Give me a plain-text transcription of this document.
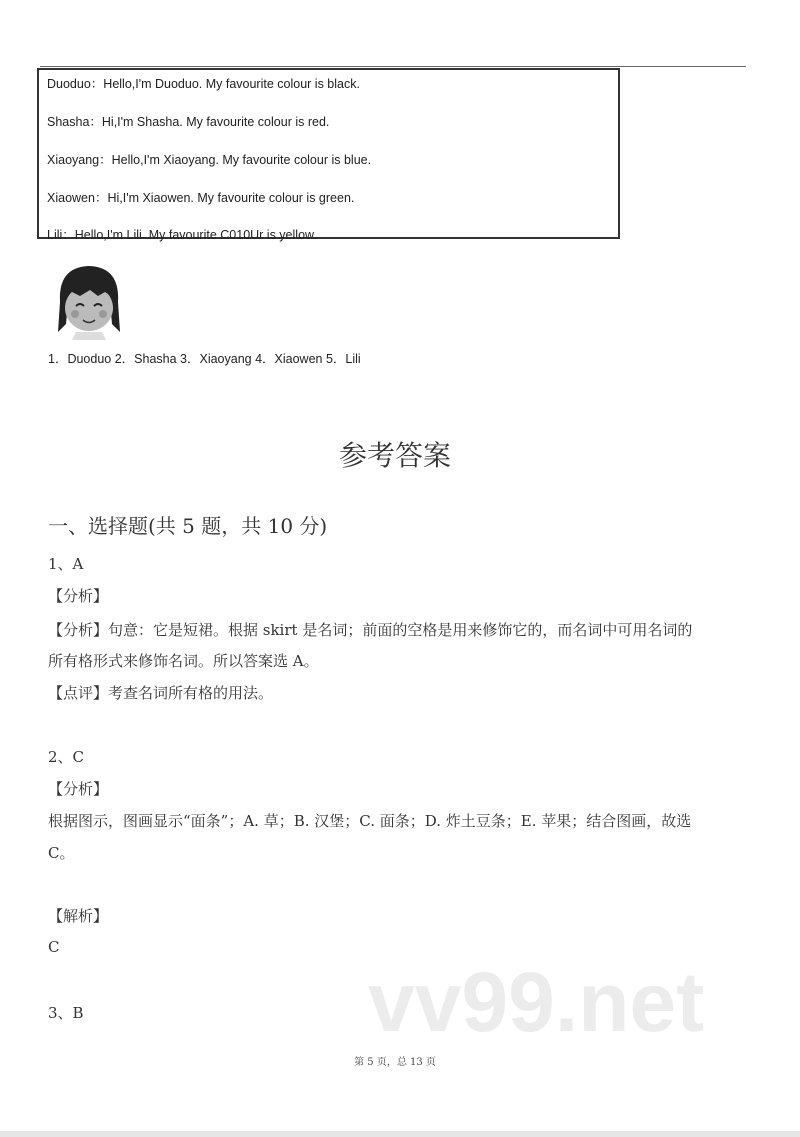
Duoduo：Hello,I'm Duoduo. My favourite colour is black.
Shasha：Hi,I'm Shasha. My favourite colour is red.
Xiaoyang：Hello,I'm Xiaoyang. My favourite colour is blue.
Xiaowen：Hi,I'm Xiaowen. My favourite colour is green.
Lili：Hello,I'm Lili. My favourite C010Ur is yellow.
1．Duoduo 2．Shasha 3．Xiaoyang 4．Xiaowen 5．Lili
参考答案
一、选择题(共 5 题，共 10 分)
1、A
【分析】
【分析】句意：它是短裙。根据 skirt 是名词；前面的空格是用来修饰它的，而名词中可用名词的
所有格形式来修饰名词。所以答案选 A。
【点评】考查名词所有格的用法。
2、C
【分析】
根据图示，图画显示“面条”；A. 草；B. 汉堡；C. 面条；D. 炸土豆条；E. 苹果；结合图画，故选
C。
【解析】
C
3、B	vv99.net
第 5 页，总 13 页
